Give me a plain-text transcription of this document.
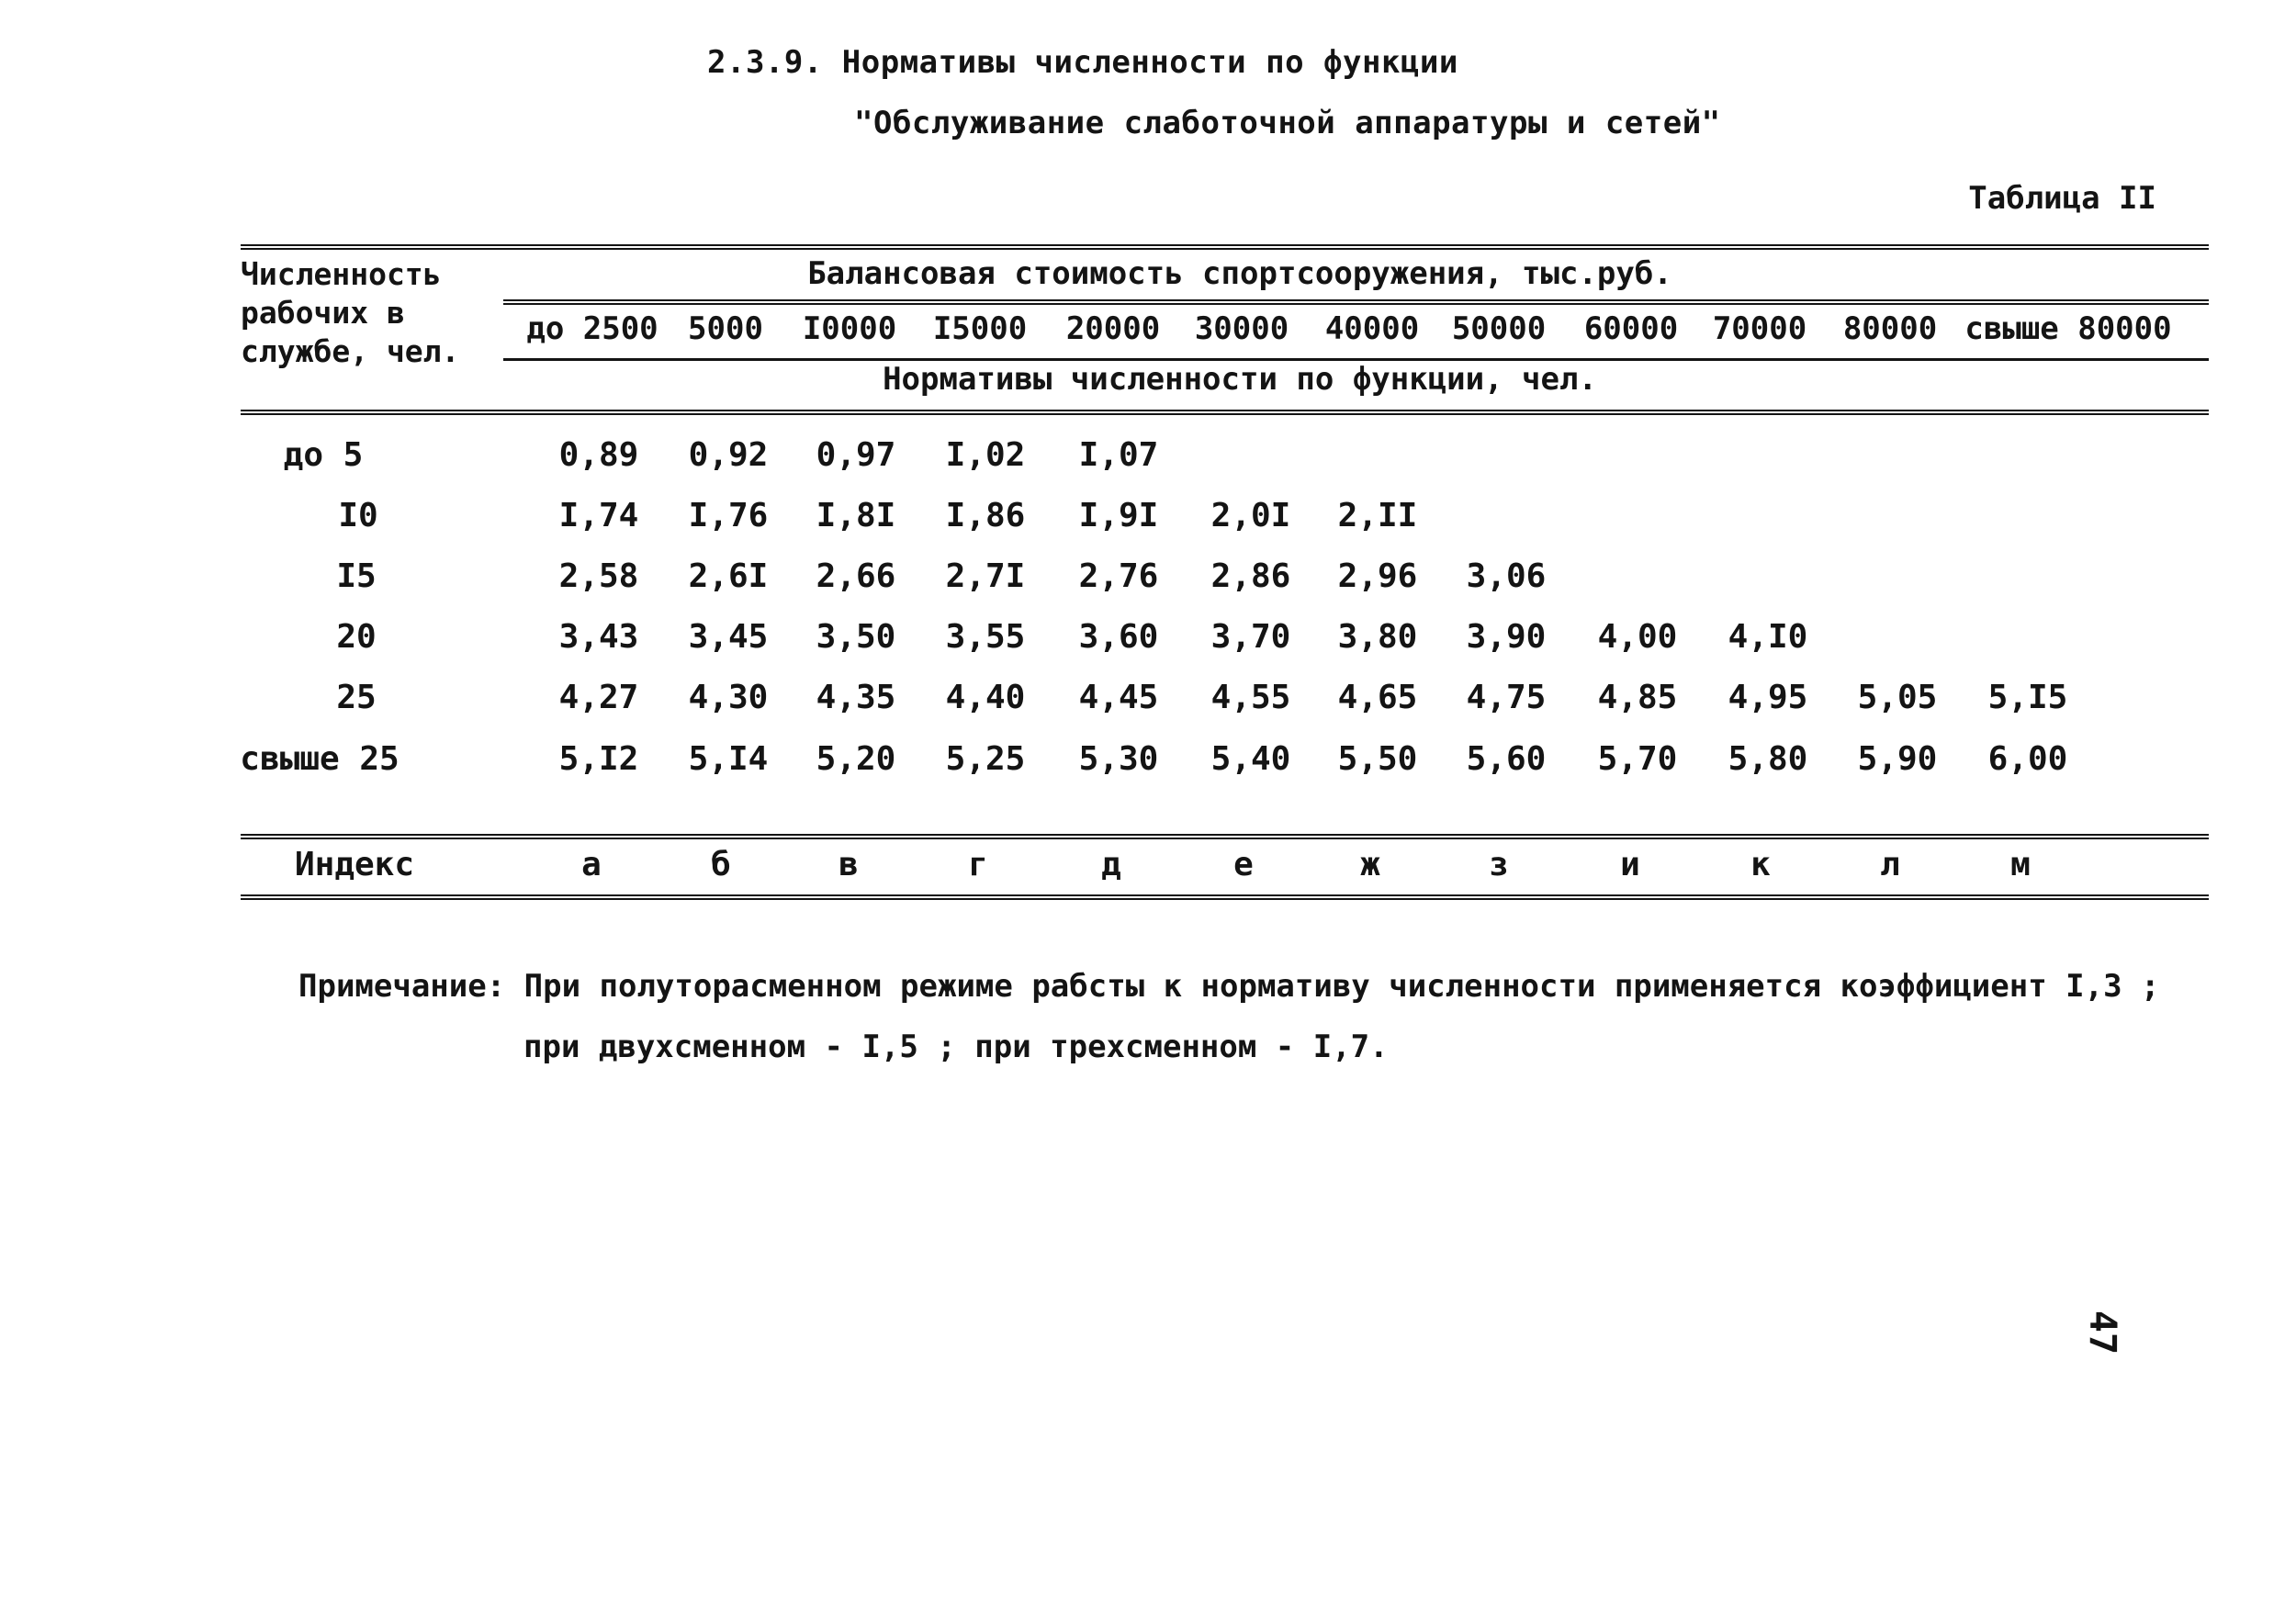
2.3.9. Нормативы численности по функции
"Обслуживание слаботочной аппаратуры и сетей"
Таблица II
Численность
рабочих в
службе, чел.
Балансовая стоимость спортсооружения, тыс.руб.
до 2500 5000 I0000 I5000 20000 30000 40000 50000 60000 70000 80000 свыше 80000
Нормативы численности по функции, чел.
до 5	0,89 0,92 0,97 I,02 I,07
I0	I,74 I,76 I,8I I,86 I,9I 2,0I 2,II
I5	2,58 2,6I 2,66 2,7I 2,76 2,86 2,96 3,06
20	3,43 3,45 3,50 3,55 3,60 3,70 3,80 3,90 4,00 4,I0
25	4,27 4,30 4,35 4,40 4,45 4,55 4,65 4,75 4,85 4,95 5,05 5,I5
свыше 25	5,I2 5,I4 5,20 5,25 5,30 5,40 5,50 5,60 5,70 5,80 5,90 6,00
Индекс	а	б	в	г	д	е	ж	з	и	к	л	м
Примечание: При полуторасменном режиме рабсты к нормативу численности применяется коэффициент I,3 ;
при двухсменном - I,5 ; при трехсменном - I,7.
47
